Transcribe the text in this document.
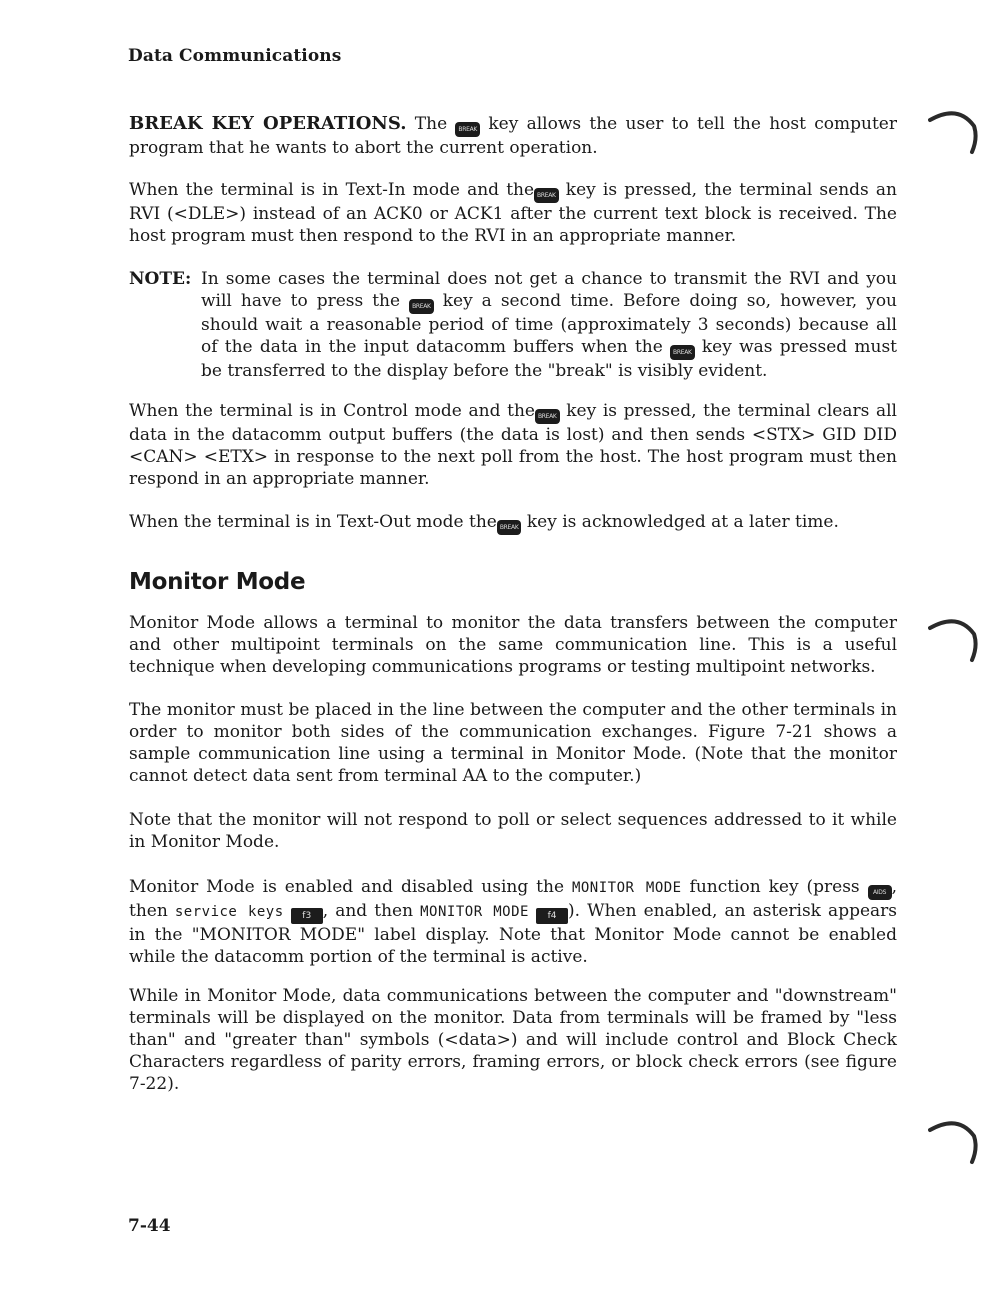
Data Communications

BREAK KEY OPERATIONS. The BREAK key allows the user to tell the host computer program that he wants to abort the current operation.

When the terminal is in Text-In mode and the BREAK key is pressed, the terminal sends an RVI (<DLE>) instead of an ACK0 or ACK1 after the current text block is received. The host program must then respond to the RVI in an appropriate manner.

NOTE: In some cases the terminal does not get a chance to transmit the RVI and you will have to press the BREAK key a second time. Before doing so, however, you should wait a reasonable period of time (approximately 3 seconds) because all of the data in the input datacomm buffers when the BREAK key was pressed must be transferred to the display before the "break" is visibly evident.

When the terminal is in Control mode and the BREAK key is pressed, the terminal clears all data in the datacomm output buffers (the data is lost) and then sends <STX> GID DID <CAN> <ETX> in response to the next poll from the host. The host program must then respond in an appropriate manner.

When the terminal is in Text-Out mode the BREAK key is acknowledged at a later time.

Monitor Mode

Monitor Mode allows a terminal to monitor the data transfers between the computer and other multipoint terminals on the same communication line. This is a useful technique when developing communications programs or testing multipoint networks.

The monitor must be placed in the line between the computer and the other terminals in order to monitor both sides of the communication exchanges. Figure 7-21 shows a sample communication line using a terminal in Monitor Mode. (Note that the monitor cannot detect data sent from terminal AA to the computer.)

Note that the monitor will not respond to poll or select sequences addressed to it while in Monitor Mode.

Monitor Mode is enabled and disabled using the MONITOR MODE function key (press AIDS , then service keys f3 , and then MONITOR MODE f4 ). When enabled, an asterisk appears in the "MONITOR MODE" label display. Note that Monitor Mode cannot be enabled while the datacomm portion of the terminal is active.

While in Monitor Mode, data communications between the computer and "downstream" terminals will be displayed on the monitor. Data from terminals will be framed by "less than" and "greater than" symbols (<data>) and will include control and Block Check Characters regardless of parity errors, framing errors, or block check errors (see figure 7-22).

7-44
